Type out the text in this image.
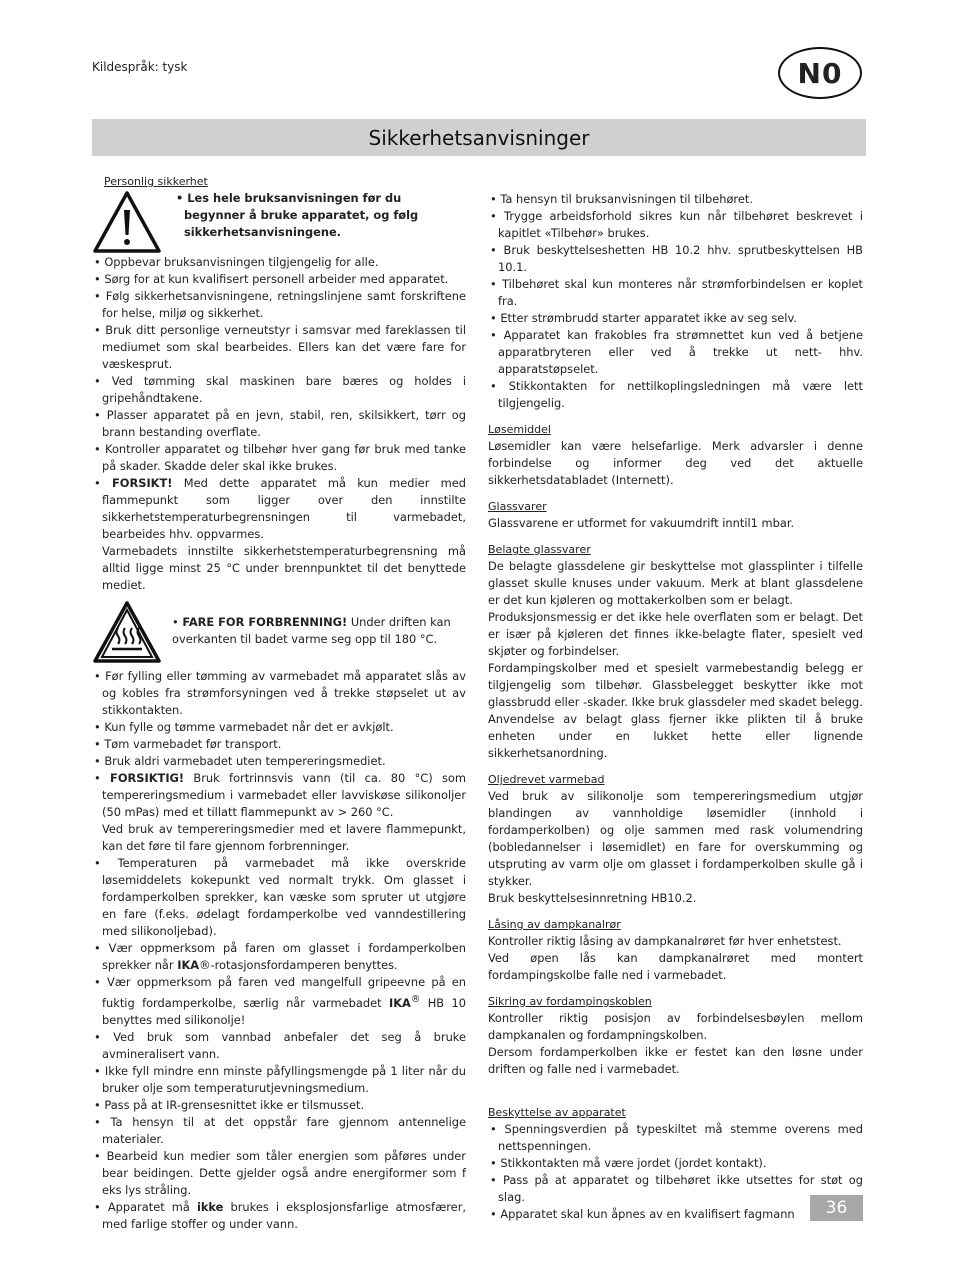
Kildespråk: tysk	N0
Sikkerhetsanvisninger
Personlig sikkerhet
• Les hele bruksanvisningen før du begynner å bruke apparatet, og følg sikkerhetsanvisningene.
• Oppbevar bruksanvisningen tilgjengelig for alle.
• Sørg for at kun kvalifisert personell arbeider med apparatet.
• Følg sikkerhetsanvisningene, retningslinjene samt forskriftene for helse, miljø og sikkerhet.
• Bruk ditt personlige verneutstyr i samsvar med fareklassen til mediumet som skal bearbeides. Ellers kan det være fare for væskesprut.
• Ved tømming skal maskinen bare bæres og holdes i gripehåndtakene.
• Plasser apparatet på en jevn, stabil, ren, skilsikkert, tørr og brann bestanding overflate.
• Kontroller apparatet og tilbehør hver gang før bruk med tanke på skader. Skadde deler skal ikke brukes.
• FORSIKT! Med dette apparatet må kun medier med flammepunkt som ligger over den innstilte sikkerhetstemperaturbegrensningen til varmebadet, bearbeides hhv. oppvarmes.
Varmebadets innstilte sikkerhetstemperaturbegrensning må alltid ligge minst 25 °C under brennpunktet til det benyttede mediet.
• FARE FOR FORBRENNING! Under driften kan overkanten til badet varme seg opp til 180 °C.
• Før fylling eller tømming av varmebadet må apparatet slås av og kobles fra strømforsyningen ved å trekke støpselet ut av stikkontakten.
• Kun fylle og tømme varmebadet når det er avkjølt.
• Tøm varmebadet før transport.
• Bruk aldri varmebadet uten tempereringsmediet.
• FORSIKTIG! Bruk fortrinnsvis vann (til ca. 80 °C) som tempereringsmedium i varmebadet eller lavviskøse silikonoljer (50 mPas) med et tillatt flammepunkt av > 260 °C.
Ved bruk av tempereringsmedier med et lavere flammepunkt, kan det føre til fare gjennom forbrenninger.
• Temperaturen på varmebadet må ikke overskride løsemiddelets kokepunkt ved normalt trykk. Om glasset i fordamperkolben sprekker, kan væske som spruter ut utgjøre en fare (f.eks. ødelagt fordamperkolbe ved vanndestillering med silikonoljebad).
• Vær oppmerksom på faren om glasset i fordamperkolben sprekker når IKA®-rotasjonsfordamperen benyttes.
• Vær oppmerksom på faren ved mangelfull gripeevne på en fuktig fordamperkolbe, særlig når varmebadet IKA® HB 10 benyttes med silikonolje!
• Ved bruk som vannbad anbefaler det seg å bruke avmineralisert vann.
• Ikke fyll mindre enn minste påfyllingsmengde på 1 liter når du bruker olje som temperaturutjevningsmedium.
• Pass på at IR-grensesnittet ikke er tilsmusset.
• Ta hensyn til at det oppstår fare gjennom antennelige materialer.
• Bearbeid kun medier som tåler energien som påføres under bear beidingen. Dette gjelder også andre energiformer som f eks lys stråling.
• Apparatet må ikke brukes i eksplosjonsfarlige atmosfærer, med farlige stoffer og under vann.
• Ta hensyn til bruksanvisningen til tilbehøret.
• Trygge arbeidsforhold sikres kun når tilbehøret beskrevet i kapitlet «Tilbehør» brukes.
• Bruk beskyttelseshetten HB 10.2 hhv. sprutbeskyttelsen HB 10.1.
• Tilbehøret skal kun monteres når strømforbindelsen er koplet fra.
• Etter strømbrudd starter apparatet ikke av seg selv.
• Apparatet kan frakobles fra strømnettet kun ved å betjene apparatbryteren eller ved å trekke ut nett- hhv. apparatstøpselet.
• Stikkontakten for nettilkoplingsledningen må være lett tilgjengelig.
Løsemiddel
Løsemidler kan være helsefarlige. Merk advarsler i denne forbindelse og informer deg ved det aktuelle sikkerhetsdatabladet (Internett).
Glassvarer
Glassvarene er utformet for vakuumdrift inntil1 mbar.
Belagte glassvarer
De belagte glassdelene gir beskyttelse mot glassplinter i tilfelle glasset skulle knuses under vakuum. Merk at blant glassdelene er det kun kjøleren og mottakerkolben som er belagt.
Produksjonsmessig er det ikke hele overflaten som er belagt. Det er især på kjøleren det finnes ikke-belagte flater, spesielt ved skjøter og forbindelser.
Fordampingskolber med et spesielt varmebestandig belegg er tilgjengelig som tilbehør. Glassbelegget beskytter ikke mot glassbrudd eller -skader. Ikke bruk glassdeler med skadet belegg.
Anvendelse av belagt glass fjerner ikke plikten til å bruke enheten under en lukket hette eller lignende sikkerhetsanordning.
Oljedrevet varmebad
Ved bruk av silikonolje som tempereringsmedium utgjør blandingen av vannholdige løsemidler (innhold i fordamperkolben) og olje sammen med rask volumendring (bobledannelser i løsemidlet) en fare for overskumming og utspruting av varm olje om glasset i fordamperkolben skulle gå i stykker.
Bruk beskyttelsesinnretning HB10.2.
Låsing av dampkanalrør
Kontroller riktig låsing av dampkanalrøret før hver enhetstest.
Ved øpen lås kan dampkanalrøret med montert fordampingskolbe falle ned i varmebadet.
Sikring av fordampingskoblen
Kontroller riktig posisjon av forbindelsesbøylen mellom dampkanalen og fordampningskolben.
Dersom fordamperkolben ikke er festet kan den løsne under driften og falle ned i varmebadet.
Beskyttelse av apparatet
• Spenningsverdien på typeskiltet må stemme overens med nettspenningen.
• Stikkontakten må være jordet (jordet kontakt).
• Pass på at apparatet og tilbehøret ikke utsettes for støt og slag.
• Apparatet skal kun åpnes av en kvalifisert fagmann	36
